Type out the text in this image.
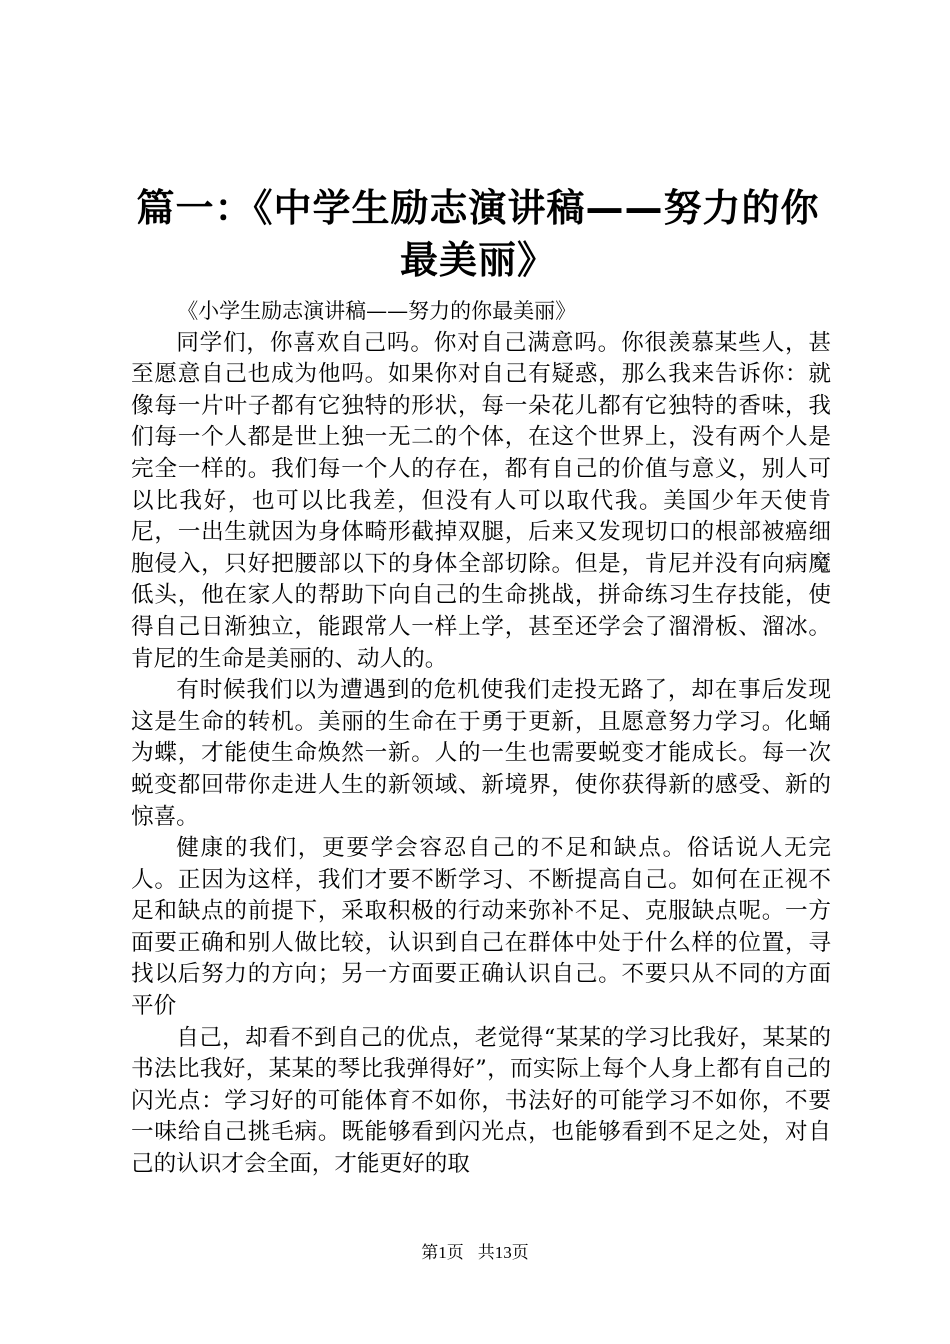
篇一：《中学生励志演讲稿——努力的你最美丽》

《小学生励志演讲稿——努力的你最美丽》

同学们，你喜欢自己吗。你对自己满意吗。你很羡慕某些人，甚至愿意自己也成为他吗。如果你对自己有疑惑，那么我来告诉你：就像每一片叶子都有它独特的形状，每一朵花儿都有它独特的香味，我们每一个人都是世上独一无二的个体，在这个世界上，没有两个人是完全一样的。我们每一个人的存在，都有自己的价值与意义，别人可以比我好，也可以比我差，但没有人可以取代我。美国少年天使肯尼，一出生就因为身体畸形截掉双腿，后来又发现切口的根部被癌细胞侵入，只好把腰部以下的身体全部切除。但是，肯尼并没有向病魔低头，他在家人的帮助下向自己的生命挑战，拼命练习生存技能，使得自己日渐独立，能跟常人一样上学，甚至还学会了溜滑板、溜冰。肯尼的生命是美丽的、动人的。

有时候我们以为遭遇到的危机使我们走投无路了，却在事后发现这是生命的转机。美丽的生命在于勇于更新，且愿意努力学习。化蛹为蝶，才能使生命焕然一新。人的一生也需要蜕变才能成长。每一次蜕变都回带你走进人生的新领域、新境界，使你获得新的感受、新的惊喜。

健康的我们，更要学会容忍自己的不足和缺点。俗话说人无完人。正因为这样，我们才要不断学习、不断提高自己。如何在正视不足和缺点的前提下，采取积极的行动来弥补不足、克服缺点呢。一方面要正确和别人做比较，认识到自己在群体中处于什么样的位置，寻找以后努力的方向；另一方面要正确认识自己。不要只从不同的方面平价

自己，却看不到自己的优点，老觉得“某某的学习比我好，某某的书法比我好，某某的琴比我弹得好”，而实际上每个人身上都有自己的闪光点：学习好的可能体育不如你，书法好的可能学习不如你，不要一味给自己挑毛病。既能够看到闪光点，也能够看到不足之处，对自己的认识才会全面，才能更好的取

第1页 共13页
